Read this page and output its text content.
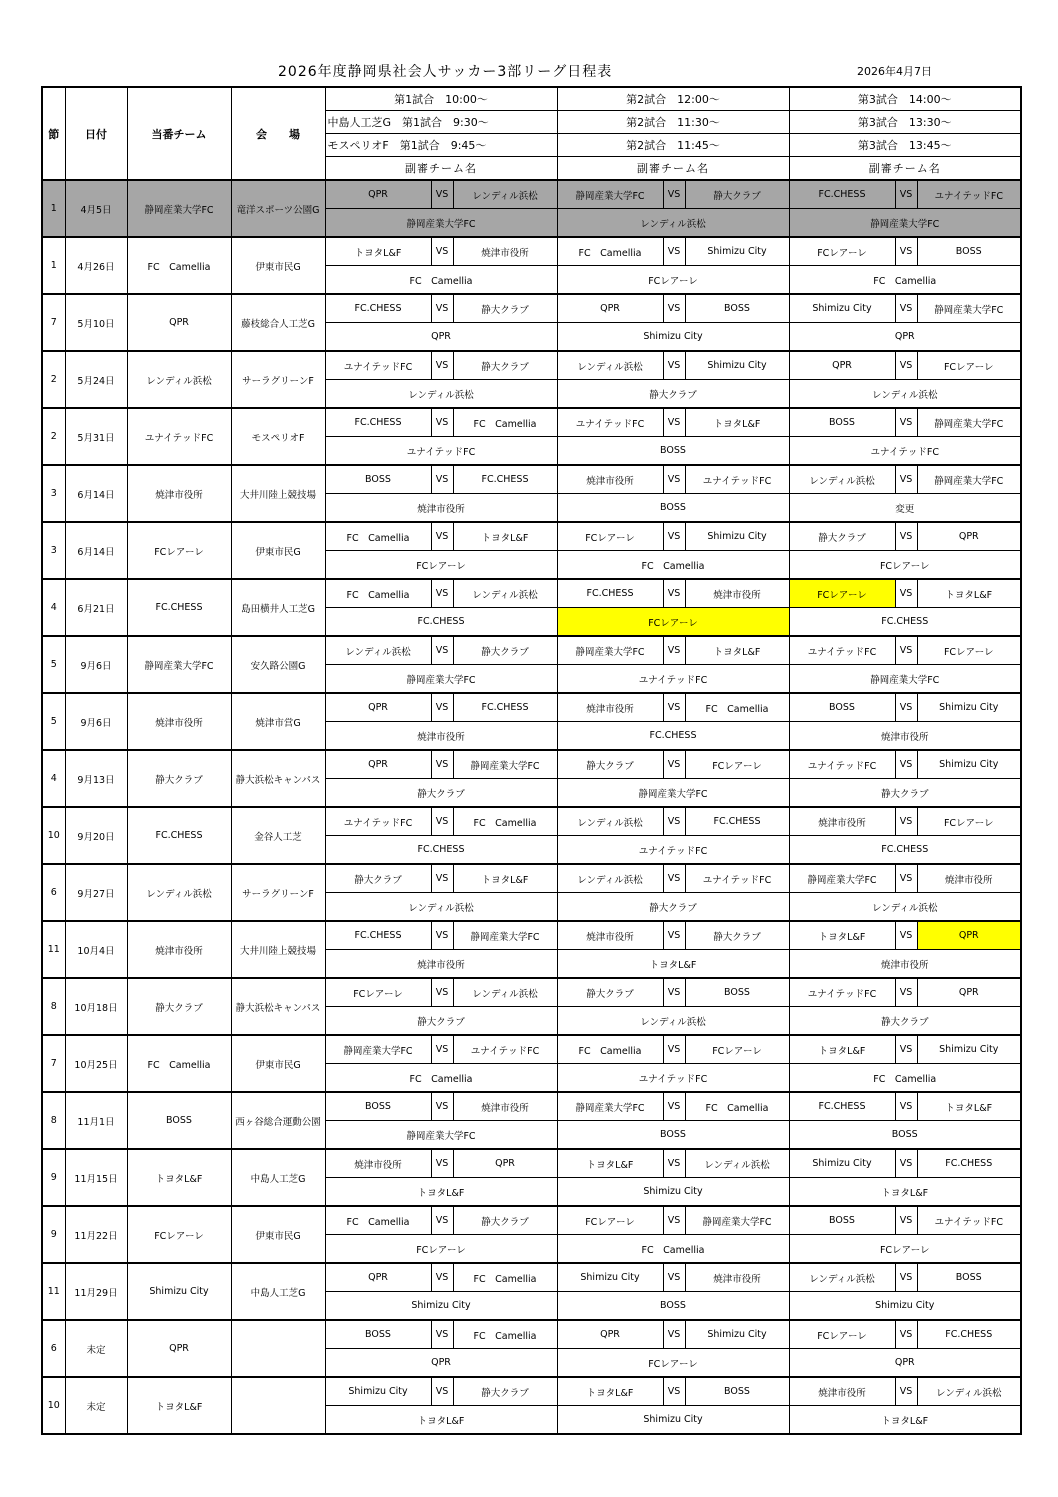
2026年度静岡県社会人サッカー3部リーグ日程表	2026年4月7日
節	日付	当番チーム	会　　場	第1試合　10:00～			第2試合　12:00～			第3試合　14:00～		
				中島人工芝G　第1試合　9:30～			第2試合　11:30～			第3試合　13:30～		
				モスペリオF　第1試合　9:45～			第2試合　11:45～			第3試合　13:45～		
				副審チーム名			副審チーム名			副審チーム名		
1	4月5日	静岡産業大学FC	竜洋スポーツ公園G	QPR	VS	レンディル浜松	静岡産業大学FC	VS	静大クラブ	FC.CHESS	VS	ユナイテッドFC
				静岡産業大学FC			レンディル浜松			静岡産業大学FC		
1	4月26日	FC　Camellia	伊東市民G	トヨタL&F	VS	焼津市役所	FC　Camellia	VS	Shimizu City	FCレアーレ	VS	BOSS
				FC　Camellia			FCレアーレ			FC　Camellia		
7	5月10日	QPR	藤枝総合人工芝G	FC.CHESS	VS	静大クラブ	QPR	VS	BOSS	Shimizu City	VS	静岡産業大学FC
				QPR			Shimizu City			QPR		
2	5月24日	レンディル浜松	サーラグリーンF	ユナイテッドFC	VS	静大クラブ	レンディル浜松	VS	Shimizu City	QPR	VS	FCレアーレ
				レンディル浜松			静大クラブ			レンディル浜松		
2	5月31日	ユナイテッドFC	モスペリオF	FC.CHESS	VS	FC　Camellia	ユナイテッドFC	VS	トヨタL&F	BOSS	VS	静岡産業大学FC
				ユナイテッドFC			BOSS			ユナイテッドFC		
3	6月14日	焼津市役所	大井川陸上競技場	BOSS	VS	FC.CHESS	焼津市役所	VS	ユナイテッドFC	レンディル浜松	VS	静岡産業大学FC
				焼津市役所			BOSS			変更		
3	6月14日	FCレアーレ	伊東市民G	FC　Camellia	VS	トヨタL&F	FCレアーレ	VS	Shimizu City	静大クラブ	VS	QPR
				FCレアーレ			FC　Camellia			FCレアーレ		
4	6月21日	FC.CHESS	島田横井人工芝G	FC　Camellia	VS	レンディル浜松	FC.CHESS	VS	焼津市役所	FCレアーレ	VS	トヨタL&F
				FC.CHESS			FCレアーレ			FC.CHESS		
5	9月6日	静岡産業大学FC	安久路公園G	レンディル浜松	VS	静大クラブ	静岡産業大学FC	VS	トヨタL&F	ユナイテッドFC	VS	FCレアーレ
				静岡産業大学FC			ユナイテッドFC			静岡産業大学FC		
5	9月6日	焼津市役所	焼津市営G	QPR	VS	FC.CHESS	焼津市役所	VS	FC　Camellia	BOSS	VS	Shimizu City
				焼津市役所			FC.CHESS			焼津市役所		
4	9月13日	静大クラブ	静大浜松キャンパス	QPR	VS	静岡産業大学FC	静大クラブ	VS	FCレアーレ	ユナイテッドFC	VS	Shimizu City
				静大クラブ			静岡産業大学FC			静大クラブ		
10	9月20日	FC.CHESS	金谷人工芝	ユナイテッドFC	VS	FC　Camellia	レンディル浜松	VS	FC.CHESS	焼津市役所	VS	FCレアーレ
				FC.CHESS			ユナイテッドFC			FC.CHESS		
6	9月27日	レンディル浜松	サーラグリーンF	静大クラブ	VS	トヨタL&F	レンディル浜松	VS	ユナイテッドFC	静岡産業大学FC	VS	焼津市役所
				レンディル浜松			静大クラブ			レンディル浜松		
11	10月4日	焼津市役所	大井川陸上競技場	FC.CHESS	VS	静岡産業大学FC	焼津市役所	VS	静大クラブ	トヨタL&F	VS	QPR
				焼津市役所			トヨタL&F			焼津市役所		
8	10月18日	静大クラブ	静大浜松キャンパス	FCレアーレ	VS	レンディル浜松	静大クラブ	VS	BOSS	ユナイテッドFC	VS	QPR
				静大クラブ			レンディル浜松			静大クラブ		
7	10月25日	FC　Camellia	伊東市民G	静岡産業大学FC	VS	ユナイテッドFC	FC　Camellia	VS	FCレアーレ	トヨタL&F	VS	Shimizu City
				FC　Camellia			ユナイテッドFC			FC　Camellia		
8	11月1日	BOSS	西ヶ谷総合運動公園	BOSS	VS	焼津市役所	静岡産業大学FC	VS	FC　Camellia	FC.CHESS	VS	トヨタL&F
				静岡産業大学FC			BOSS			BOSS		
9	11月15日	トヨタL&F	中島人工芝G	焼津市役所	VS	QPR	トヨタL&F	VS	レンディル浜松	Shimizu City	VS	FC.CHESS
				トヨタL&F			Shimizu City			トヨタL&F		
9	11月22日	FCレアーレ	伊東市民G	FC　Camellia	VS	静大クラブ	FCレアーレ	VS	静岡産業大学FC	BOSS	VS	ユナイテッドFC
				FCレアーレ			FC　Camellia			FCレアーレ		
11	11月29日	Shimizu City	中島人工芝G	QPR	VS	FC　Camellia	Shimizu City	VS	焼津市役所	レンディル浜松	VS	BOSS
				Shimizu City			BOSS			Shimizu City		
6	未定	QPR		BOSS	VS	FC　Camellia	QPR	VS	Shimizu City	FCレアーレ	VS	FC.CHESS
				QPR			FCレアーレ			QPR		
10	未定	トヨタL&F		Shimizu City	VS	静大クラブ	トヨタL&F	VS	BOSS	焼津市役所	VS	レンディル浜松
				トヨタL&F			Shimizu City			トヨタL&F		
